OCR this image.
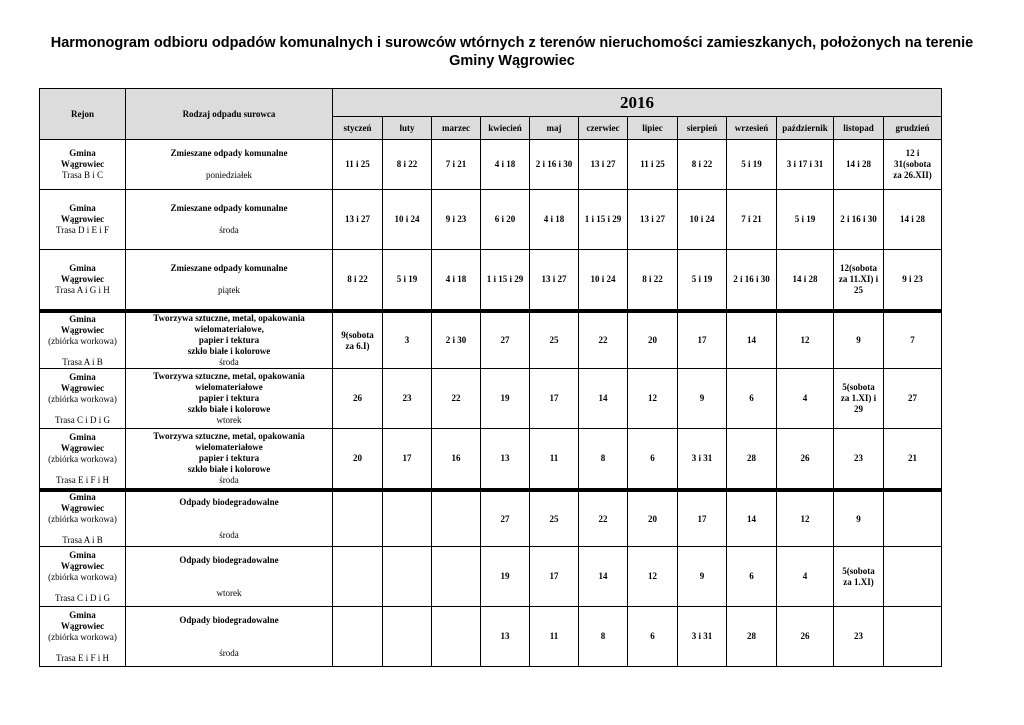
Harmonogram odbioru odpadów komunalnych i surowców wtórnych z terenów nieruchomości zamieszkanych, położonych na terenie
Gminy Wągrowiec
Rejon	Rodzaj odpadu surowca	2016											
		styczeń	luty	marzec	kwiecień	maj	czerwiec	lipiec	sierpień	wrzesień	październik	listopad	grudzień

Gmina
Wągrowiec
Trasa B i C	Zmieszane odpady komunalne
poniedziałek	11 i 25	8 i 22	7 i 21	4 i 18	2 i 16 i 30	13 i 27	11 i 25	8 i 22	5 i 19	3 i 17 i 31	14 i 28	12 i
31(sobota
za 26.XII)

Gmina
Wągrowiec
Trasa D i E i F	Zmieszane odpady komunalne
środa	13 i 27	10 i 24	9 i 23	6 i 20	4 i 18	1 i 15 i 29	13 i 27	10 i 24	7 i 21	5 i 19	2 i 16 i 30	14 i 28

Gmina
Wągrowiec
Trasa A i G i H	Zmieszane odpady komunalne
piątek	8 i 22	5 i 19	4 i 18	1 i 15 i 29	13 i 27	10 i 24	8 i 22	5 i 19	2 i 16 i 30	14 i 28	12(sobota
za 11.XI) i
25	9 i 23

Gmina
Wągrowiec
(zbiórka workowa)
Trasa A i B	Tworzywa sztuczne, metal, opakowania
wielomateriałowe,
papier i tektura
szkło białe i kolorowe
środa	9(sobota
za 6.I)	3	2 i 30	27	25	22	20	17	14	12	9	7

Gmina
Wągrowiec
(zbiórka workowa)
Trasa C i D i G	Tworzywa sztuczne, metal, opakowania
wielomateriałowe
papier i tektura
szkło białe i kolorowe
wtorek	26	23	22	19	17	14	12	9	6	4	5(sobota
za 1.XI) i
29	27

Gmina
Wągrowiec
(zbiórka workowa)
Trasa E i F i H	Tworzywa sztuczne, metal, opakowania
wielomateriałowe
papier i tektura
szkło białe i kolorowe
środa	20	17	16	13	11	8	6	3 i 31	28	26	23	21

Gmina
Wągrowiec
(zbiórka workowa)
Trasa A i B	Odpady biodegradowalne
środa				27	25	22	20	17	14	12	9	

Gmina
Wągrowiec
(zbiórka workowa)
Trasa C i D i G	Odpady biodegradowalne
wtorek				19	17	14	12	9	6	4	5(sobota
za 1.XI)	

Gmina
Wągrowiec
(zbiórka workowa)
Trasa E i F i H	Odpady biodegradowalne
środa				13	11	8	6	3 i 31	28	26	23	
